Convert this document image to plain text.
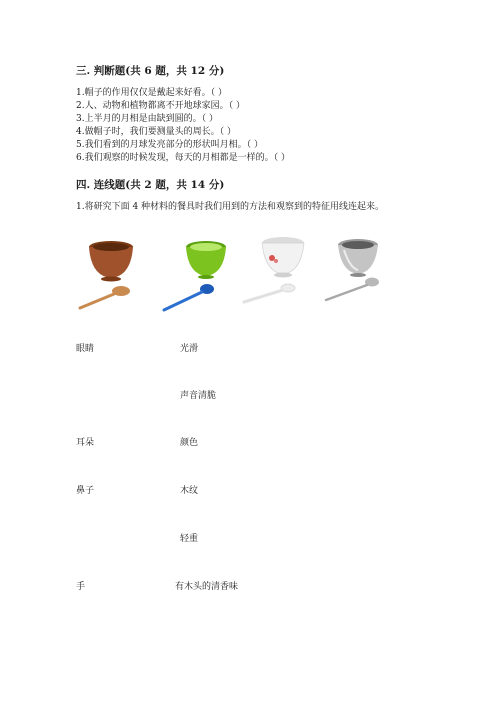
三. 判断题(共 6 题，共 12 分)
1.帽子的作用仅仅是戴起来好看。（ ）
2.人、动物和植物都离不开地球家园。（ ）
3.上半月的月相是由缺到圆的。（ ）
4.做帽子时，我们要测量头的周长。（ ）
5.我们看到的月球发亮部分的形状叫月相。（ ）
6.我们观察的时候发现，每天的月相都是一样的。（ ）
四. 连线题(共 2 题，共 14 分)
1.将研究下面 4 种材料的餐具时我们用到的方法和观察到的特征用线连起来。
眼睛
耳朵
鼻子
手
光滑
声音清脆
颜色
木纹
轻重
有木头的清香味
